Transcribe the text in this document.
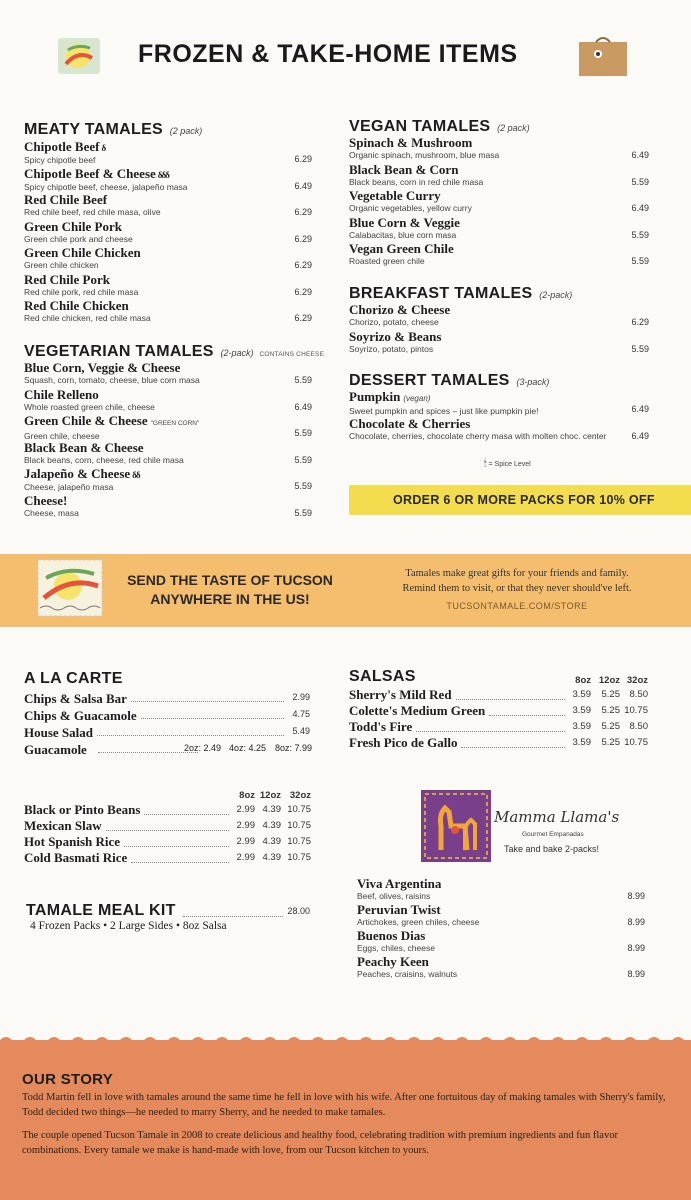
FROZEN & TAKE-HOME ITEMS
MEATY TAMALES (2 pack)
Chipotle Beef δ
Spicy chipotle beef	6.29
Chipotle Beef & Cheese δδδ
Spicy chipotle beef, cheese, jalapeño masa	6.49
Red Chile Beef
Red chile beef, red chile masa, olive	6.29
Green Chile Pork
Green chile pork and cheese	6.29
Green Chile Chicken
Green chile chicken	6.29
Red Chile Pork
Red chile pork, red chile masa	6.29
Red Chile Chicken
Red chile chicken, red chile masa	6.29
VEGETARIAN TAMALES (2-pack) CONTAINS CHEESE
Blue Corn, Veggie & Cheese
Squash, corn, tomato, cheese, blue corn masa	5.59
Chile Relleno
Whole roasted green chile, cheese	6.49
Green Chile & Cheese "GREEN CORN"
Green chile, cheese	5.59
Black Bean & Cheese
Black beans, corn, cheese, red chile masa	5.59
Jalapeño & Cheese δδ
Cheese, jalapeño masa	5.59
Cheese!
Cheese, masa	5.59
VEGAN TAMALES (2 pack)
Spinach & Mushroom
Organic spinach, mushroom, blue masa	6.49
Black Bean & Corn
Black beans, corn in red chile masa	5.59
Vegetable Curry
Organic vegetables, yellow curry	6.49
Blue Corn & Veggie
Calabacitas, blue corn masa	5.59
Vegan Green Chile
Roasted green chile	5.59
BREAKFAST TAMALES (2-pack)
Chorizo & Cheese
Chorizo, potato, cheese	6.29
Soyrizo & Beans
Soyrizo, potato, pintos	5.59
DESSERT TAMALES (3-pack)
Pumpkin (vegan)
Sweet pumpkin and spices – just like pumpkin pie!	6.49
Chocolate & Cherries
Chocolate, cherries, chocolate cherry masa with molten choc. center	6.49
🕯 = Spice Level
ORDER 6 OR MORE PACKS FOR 10% OFF
SEND THE TASTE OF TUCSON
ANYWHERE IN THE US!
Tamales make great gifts for your friends and family.
Remind them to visit, or that they never should've left.
TUCSONTAMALE.COM/STORE
A LA CARTE
Chips & Salsa Bar	2.99
Chips & Guacamole	4.75
House Salad	5.49
Guacamole	2oz: 2.49 4oz: 4.25 8oz: 7.99
8oz 12oz 32oz
Black or Pinto Beans	2.99 4.39 10.75
Mexican Slaw	2.99 4.39 10.75
Hot Spanish Rice	2.99 4.39 10.75
Cold Basmati Rice	2.99 4.39 10.75
TAMALE MEAL KIT	28.00
4 Frozen Packs • 2 Large Sides • 8oz Salsa
SALSAS	8oz 12oz 32oz
Sherry's Mild Red	3.59	5.25	8.50
Colette's Medium Green	3.59	5.25 10.75
Todd's Fire	3.59	5.25	8.50
Fresh Pico de Gallo	3.59	5.25 10.75
Mamma Llama's
Gourmet Empanadas
Take and bake 2-packs!
Viva Argentina
Beef, olives, raisins	8.99
Peruvian Twist
Artichokes, green chiles, cheese	8.99
Buenos Dias
Eggs, chiles, cheese	8.99
Peachy Keen
Peaches, craisins, walnuts	8.99
OUR STORY
Todd Martin fell in love with tamales around the same time he fell in love with his wife. After one fortuitous day of making tamales with Sherry's family, Todd decided two things—he needed to marry Sherry, and he needed to make tamales.
The couple opened Tucson Tamale in 2008 to create delicious and healthy food, celebrating tradition with premium ingredients and fun flavor combinations. Every tamale we make is hand-made with love, from our Tucson kitchen to yours.
